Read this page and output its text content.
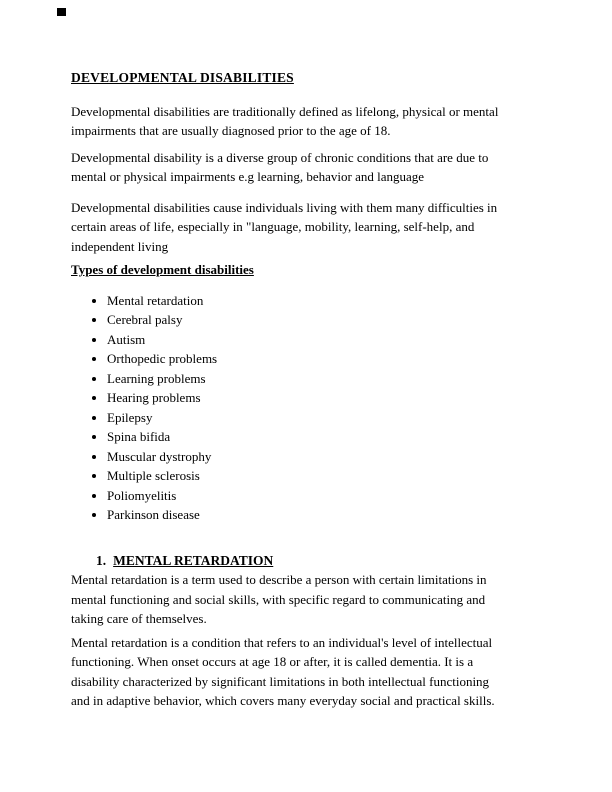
DEVELOPMENTAL DISABILITIES
Developmental disabilities are traditionally defined as lifelong, physical or mental
impairments that are usually diagnosed prior to the age of 18.
Developmental disability is a diverse group of chronic conditions that are due to
mental or physical impairments e.g learning, behavior and language
Developmental disabilities cause individuals living with them many difficulties in
certain areas of life, especially in "language, mobility, learning, self-help, and
independent living
Types of development disabilities
• Mental retardation
• Cerebral palsy
• Autism
• Orthopedic problems
• Learning problems
• Hearing problems
• Epilepsy
• Spina bifida
• Muscular dystrophy
• Multiple sclerosis
• Poliomyelitis
• Parkinson disease
1. MENTAL RETARDATION
Mental retardation is a term used to describe a person with certain limitations in
mental functioning and social skills, with specific regard to communicating and
taking care of themselves.
Mental retardation is a condition that refers to an individual's level of intellectual
functioning. When onset occurs at age 18 or after, it is called dementia. It is a
disability characterized by significant limitations in both intellectual functioning
and in adaptive behavior, which covers many everyday social and practical skills.
